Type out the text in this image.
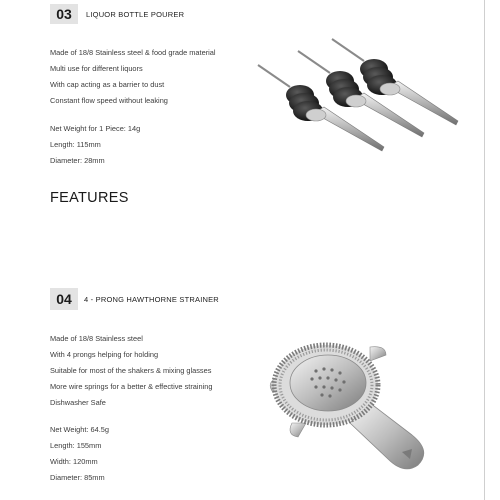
03	LIQUOR BOTTLE POURER
Made of 18/8 Stainless steel & food grade material
Multi use for different liquors
With cap acting as a barrier to dust
Constant flow speed without leaking
Net Weight for 1 Piece: 14g
Length: 115mm
Diameter: 28mm
FEATURES
04	4 - PRONG HAWTHORNE STRAINER
Made of 18/8 Stainless steel
With 4 prongs helping for holding
Suitable for most of the shakers & mixing glasses
More wire springs for a better & effective straining
Dishwasher Safe
Net Weight: 64.5g
Length: 155mm
Width: 120mm
Diameter: 85mm
